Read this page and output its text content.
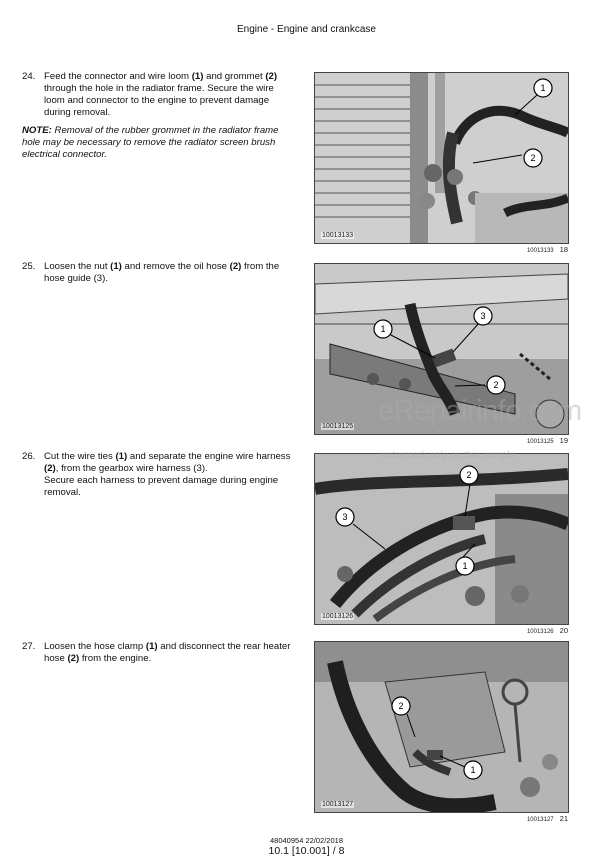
Engine - Engine and crankcase
24. Feed the connector and wire loom (1) and grommet (2) through the hole in the radiator frame. Secure the wire loom and connector to the engine to prevent damage during removal.
NOTE: Removal of the rubber grommet in the radiator frame hole may be necessary to remove the radiator screen brush electrical connector.
25. Loosen the nut (1) and remove the oil hose (2) from the hose guide (3).
26. Cut the wire ties (1) and separate the engine wire harness (2), from the gearbox wire harness (3).
Secure each harness to prevent damage during engine removal.
27. Loosen the hose clamp (1) and disconnect the rear heater hose (2) from the engine.
1
2
10013133
10013133 18
1
3
2
10013125
10013125 19
2
3
1
10013126
10013126 20
2
1
10013127
10013127 21
eRepairinfo.com
watermark only on this sample
48040954 22/02/2018
10.1 [10.001] / 8
